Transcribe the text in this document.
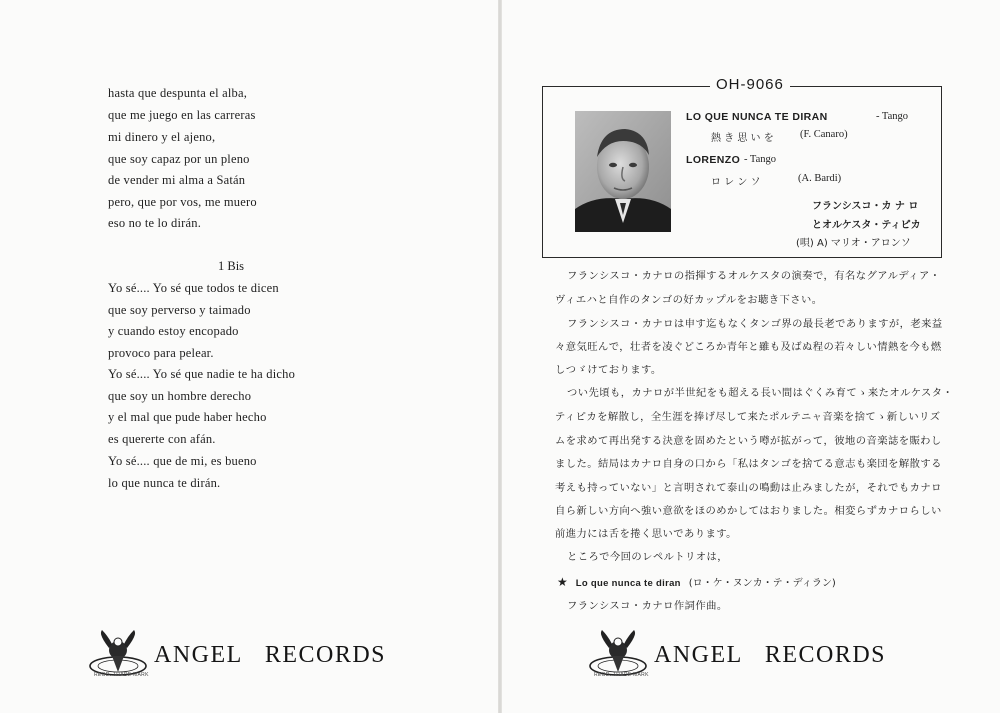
hasta que despunta el alba,
que me juego en las carreras
mi dinero y el ajeno,
que soy capaz por un pleno
de vender mi alma a Satán
pero, que por vos, me muero
eso no te lo dirán.
1 Bis
Yo sé.... Yo sé que todos te dicen
que soy perverso y taimado
y cuando estoy encopado
provoco para pelear.
Yo sé.... Yo sé que nadie te ha dicho
que soy un hombre derecho
y el mal que pude haber hecho
es quererte con afán.
Yo sé.... que de mi, es bueno
lo que nunca te dirán.
ANGEL RECORDS
REGD. TRADE MARK
OH-9066
LO QUE NUNCA TE DIRAN	- Tango
熱 き 思 い を	(F. Canaro)
LORENZO - Tango
ロ レ ン ソ	(A. Bardi)
フランシスコ・カ ナ ロ
とオルケスタ・ティピカ
(唄) A) マリオ・アロンソ
フランシスコ・カナロの指揮するオルケスタの演奏で，有名なグアルディア・
ヴィエハと自作のタンゴの好カップルをお聴き下さい。
フランシスコ・カナロは申す迄もなくタンゴ界の最長老でありますが，老来益
々意気旺んで，壮者を凌ぐどころか青年と雖も及ばぬ程の若々しい情熱を今も燃
しつゞけております。
つい先頃も，カナロが半世紀をも超える長い間はぐくみ育てゝ来たオルケスタ・
ティピカを解散し，全生涯を捧げ尽して来たポルテニャ音楽を捨てゝ新しいリズ
ムを求めて再出発する決意を固めたという噂が拡がって，彼地の音楽誌を賑わし
ました。結局はカナロ自身の口から「私はタンゴを捨てる意志も楽団を解散する
考えも持っていない」と言明されて泰山の鳴動は止みましたが，それでもカナロ
自ら新しい方向へ強い意欲をほのめかしてはおりました。相変らずカナロらしい
前進力には舌を捲く思いであります。
ところで今回のレペルトリオは，
★ Lo que nunca te diran (ロ・ケ・ヌンカ・テ・ディラン)
フランシスコ・カナロ作詞作曲。
ANGEL RECORDS
REGD. TRADE MARK
